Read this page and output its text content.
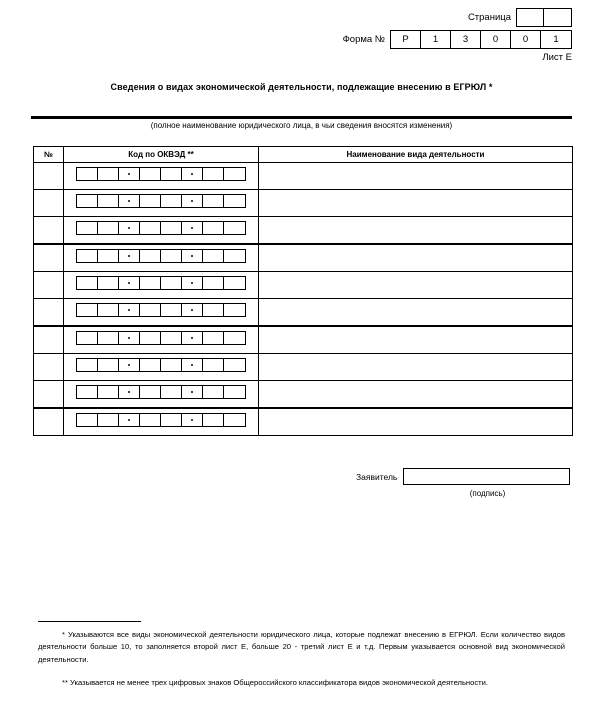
Страница
Форма №	Р	1	3	0	0	1
Лист Е
Сведения о видах экономической деятельности, подлежащие внесению в ЕГРЮЛ *
(полное наименование юридического лица, в чьи сведения вносятся изменения)
№	Код по ОКВЭД **	Наименование вида деятельности

Заявитель
(подпись)

* Указываются все виды экономической деятельности юридического лица, которые подлежат внесению в ЕГРЮЛ. Если количество видов деятельности больше 10, то заполняется второй лист Е, больше 20 - третий лист Е и т.д. Первым указывается основной вид экономической деятельности.

** Указывается не менее трех цифровых знаков Общероссийского классификатора видов экономической деятельности.
